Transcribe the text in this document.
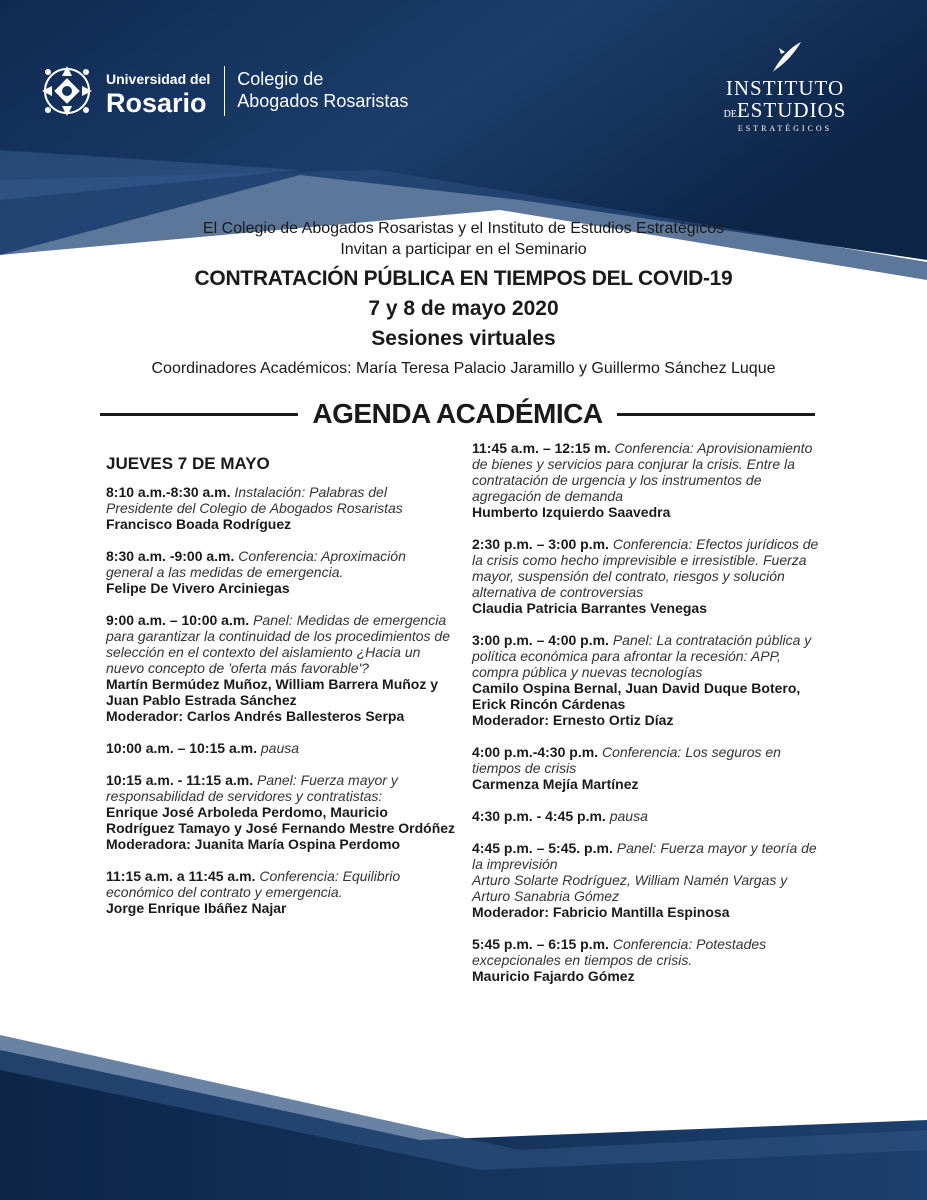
Universidad del
Rosario
Colegio de
Abogados Rosaristas
INSTITUTO
DEESTUDIOS
ESTRATÉGICOS
El Colegio de Abogados Rosaristas y el Instituto de Estudios Estratégicos
Invitan a participar en el Seminario
CONTRATACIÓN PÚBLICA EN TIEMPOS DEL COVID-19
7 y 8 de mayo 2020
Sesiones virtuales
Coordinadores Académicos: María Teresa Palacio Jaramillo y Guillermo Sánchez Luque
AGENDA ACADÉMICA
JUEVES 7 DE MAYO
8:10 a.m.-8:30 a.m. Instalación: Palabras del Presidente del Colegio de Abogados Rosaristas
Francisco Boada Rodríguez
8:30 a.m. -9:00 a.m. Conferencia: Aproximación general a las medidas de emergencia.
Felipe De Vivero Arciniegas
9:00 a.m. – 10:00 a.m. Panel: Medidas de emergencia para garantizar la continuidad de los procedimientos de selección en el contexto del aislamiento ¿Hacia un nuevo concepto de 'oferta más favorable'?
Martín Bermúdez Muñoz, William Barrera Muñoz y Juan Pablo Estrada Sánchez
Moderador: Carlos Andrés Ballesteros Serpa
10:00 a.m. – 10:15 a.m. pausa
10:15 a.m. - 11:15 a.m. Panel: Fuerza mayor y responsabilidad de servidores y contratistas:
Enrique José Arboleda Perdomo, Mauricio Rodríguez Tamayo y José Fernando Mestre Ordóñez
Moderadora: Juanita María Ospina Perdomo
11:15 a.m. a 11:45 a.m. Conferencia: Equilibrio económico del contrato y emergencia.
Jorge Enrique Ibáñez Najar
11:45 a.m. – 12:15 m. Conferencia: Aprovisionamiento de bienes y servicios para conjurar la crisis. Entre la contratación de urgencia y los instrumentos de agregación de demanda
Humberto Izquierdo Saavedra
2:30 p.m. – 3:00 p.m. Conferencia: Efectos jurídicos de la crisis como hecho imprevisible e irresistible. Fuerza mayor, suspensión del contrato, riesgos y solución alternativa de controversias
Claudia Patricia Barrantes Venegas
3:00 p.m. – 4:00 p.m. Panel: La contratación pública y política económica para afrontar la recesión: APP, compra pública y nuevas tecnologías
Camilo Ospina Bernal, Juan David Duque Botero, Erick Rincón Cárdenas
Moderador: Ernesto Ortiz Díaz
4:00 p.m.-4:30 p.m. Conferencia: Los seguros en tiempos de crisis
Carmenza Mejía Martínez
4:30 p.m. - 4:45 p.m. pausa
4:45 p.m. – 5:45. p.m. Panel: Fuerza mayor y teoría de la imprevisión
Arturo Solarte Rodríguez, William Namén Vargas y Arturo Sanabria Gómez
Moderador: Fabricio Mantilla Espinosa
5:45 p.m. – 6:15 p.m. Conferencia: Potestades excepcionales en tiempos de crisis.
Mauricio Fajardo Gómez
